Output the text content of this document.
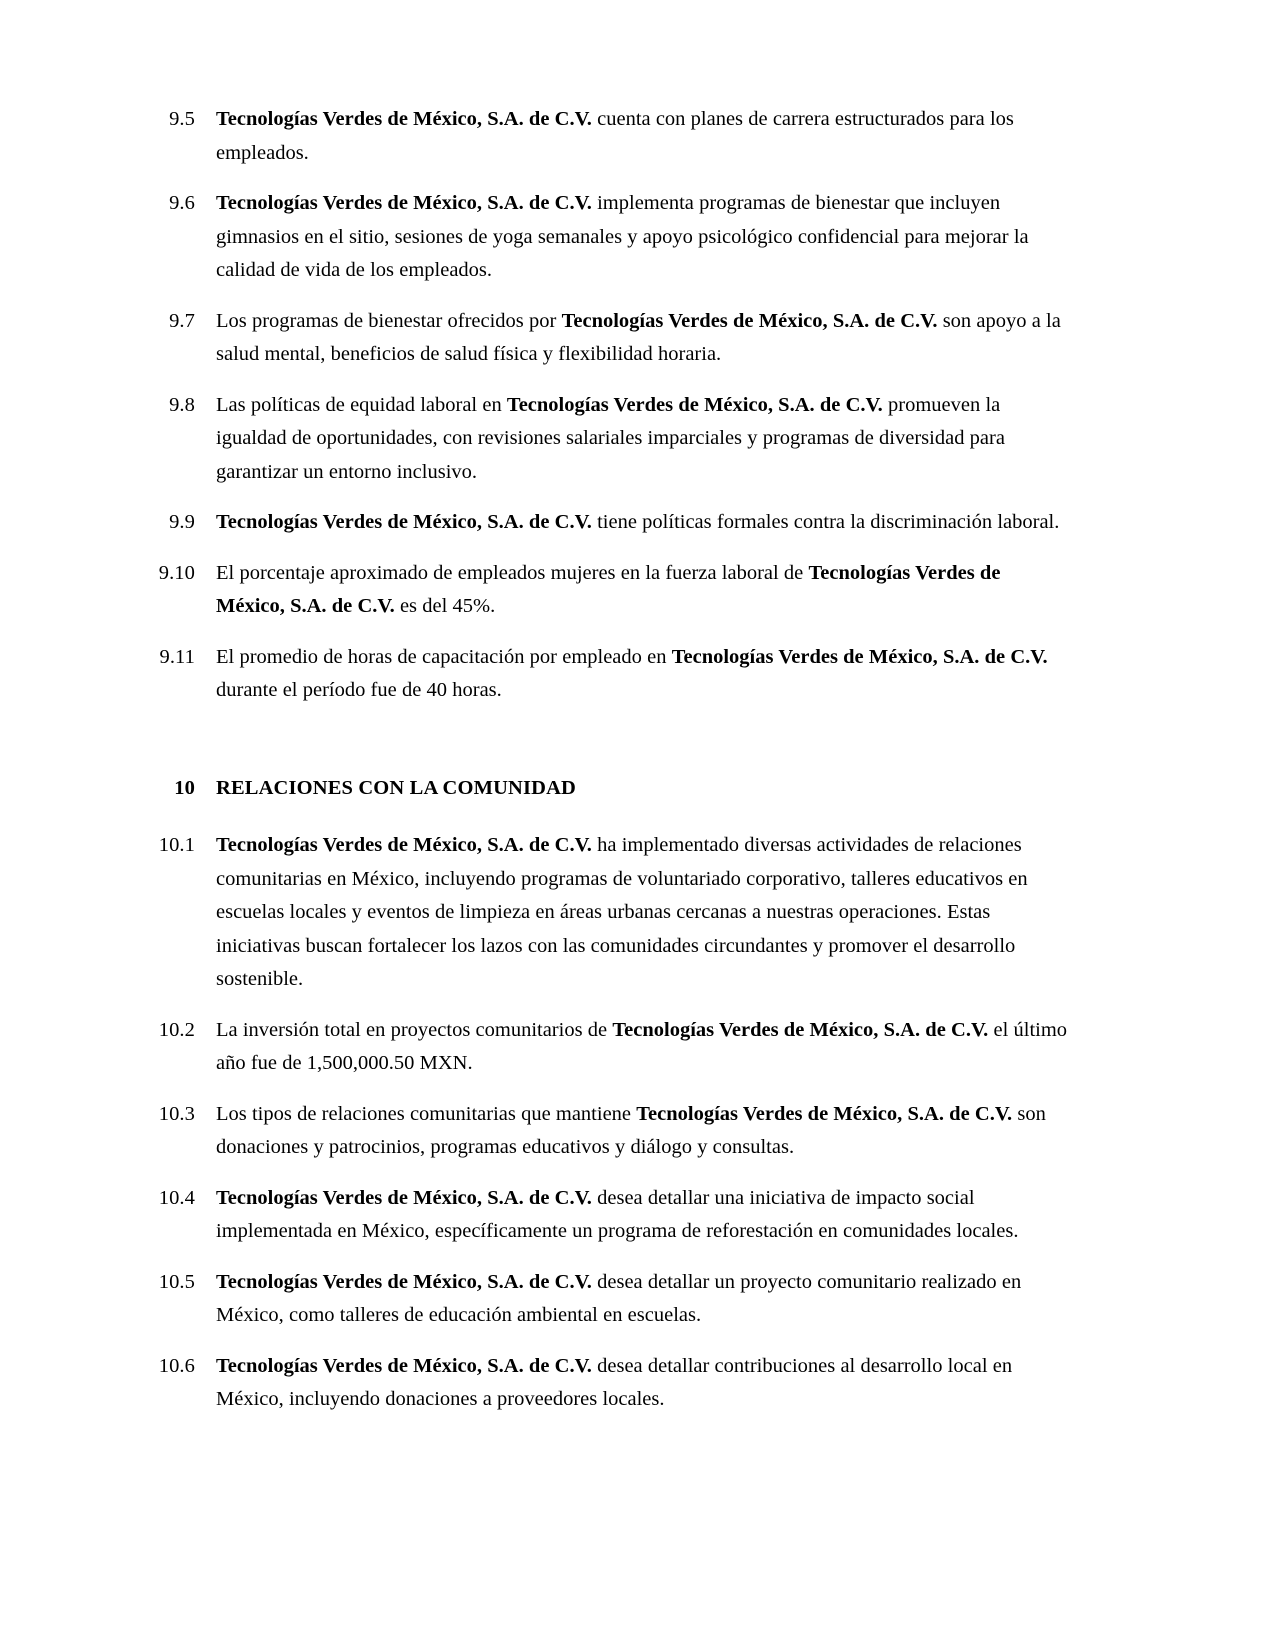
9.5	Tecnologías Verdes de México, S.A. de C.V. cuenta con planes de carrera estructurados para los empleados.
9.6	Tecnologías Verdes de México, S.A. de C.V. implementa programas de bienestar que incluyen gimnasios en el sitio, sesiones de yoga semanales y apoyo psicológico confidencial para mejorar la calidad de vida de los empleados.
9.7	Los programas de bienestar ofrecidos por Tecnologías Verdes de México, S.A. de C.V. son apoyo a la salud mental, beneficios de salud física y flexibilidad horaria.
9.8	Las políticas de equidad laboral en Tecnologías Verdes de México, S.A. de C.V. promueven la igualdad de oportunidades, con revisiones salariales imparciales y programas de diversidad para garantizar un entorno inclusivo.
9.9	Tecnologías Verdes de México, S.A. de C.V. tiene políticas formales contra la discriminación laboral.
9.10	El porcentaje aproximado de empleados mujeres en la fuerza laboral de Tecnologías Verdes de México, S.A. de C.V. es del 45%.
9.11	El promedio de horas de capacitación por empleado en Tecnologías Verdes de México, S.A. de C.V. durante el período fue de 40 horas.
10	RELACIONES CON LA COMUNIDAD
10.1	Tecnologías Verdes de México, S.A. de C.V. ha implementado diversas actividades de relaciones comunitarias en México, incluyendo programas de voluntariado corporativo, talleres educativos en escuelas locales y eventos de limpieza en áreas urbanas cercanas a nuestras operaciones. Estas iniciativas buscan fortalecer los lazos con las comunidades circundantes y promover el desarrollo sostenible.
10.2	La inversión total en proyectos comunitarios de Tecnologías Verdes de México, S.A. de C.V. el último año fue de 1,500,000.50 MXN.
10.3	Los tipos de relaciones comunitarias que mantiene Tecnologías Verdes de México, S.A. de C.V. son donaciones y patrocinios, programas educativos y diálogo y consultas.
10.4	Tecnologías Verdes de México, S.A. de C.V. desea detallar una iniciativa de impacto social implementada en México, específicamente un programa de reforestación en comunidades locales.
10.5	Tecnologías Verdes de México, S.A. de C.V. desea detallar un proyecto comunitario realizado en México, como talleres de educación ambiental en escuelas.
10.6	Tecnologías Verdes de México, S.A. de C.V. desea detallar contribuciones al desarrollo local en México, incluyendo donaciones a proveedores locales.
